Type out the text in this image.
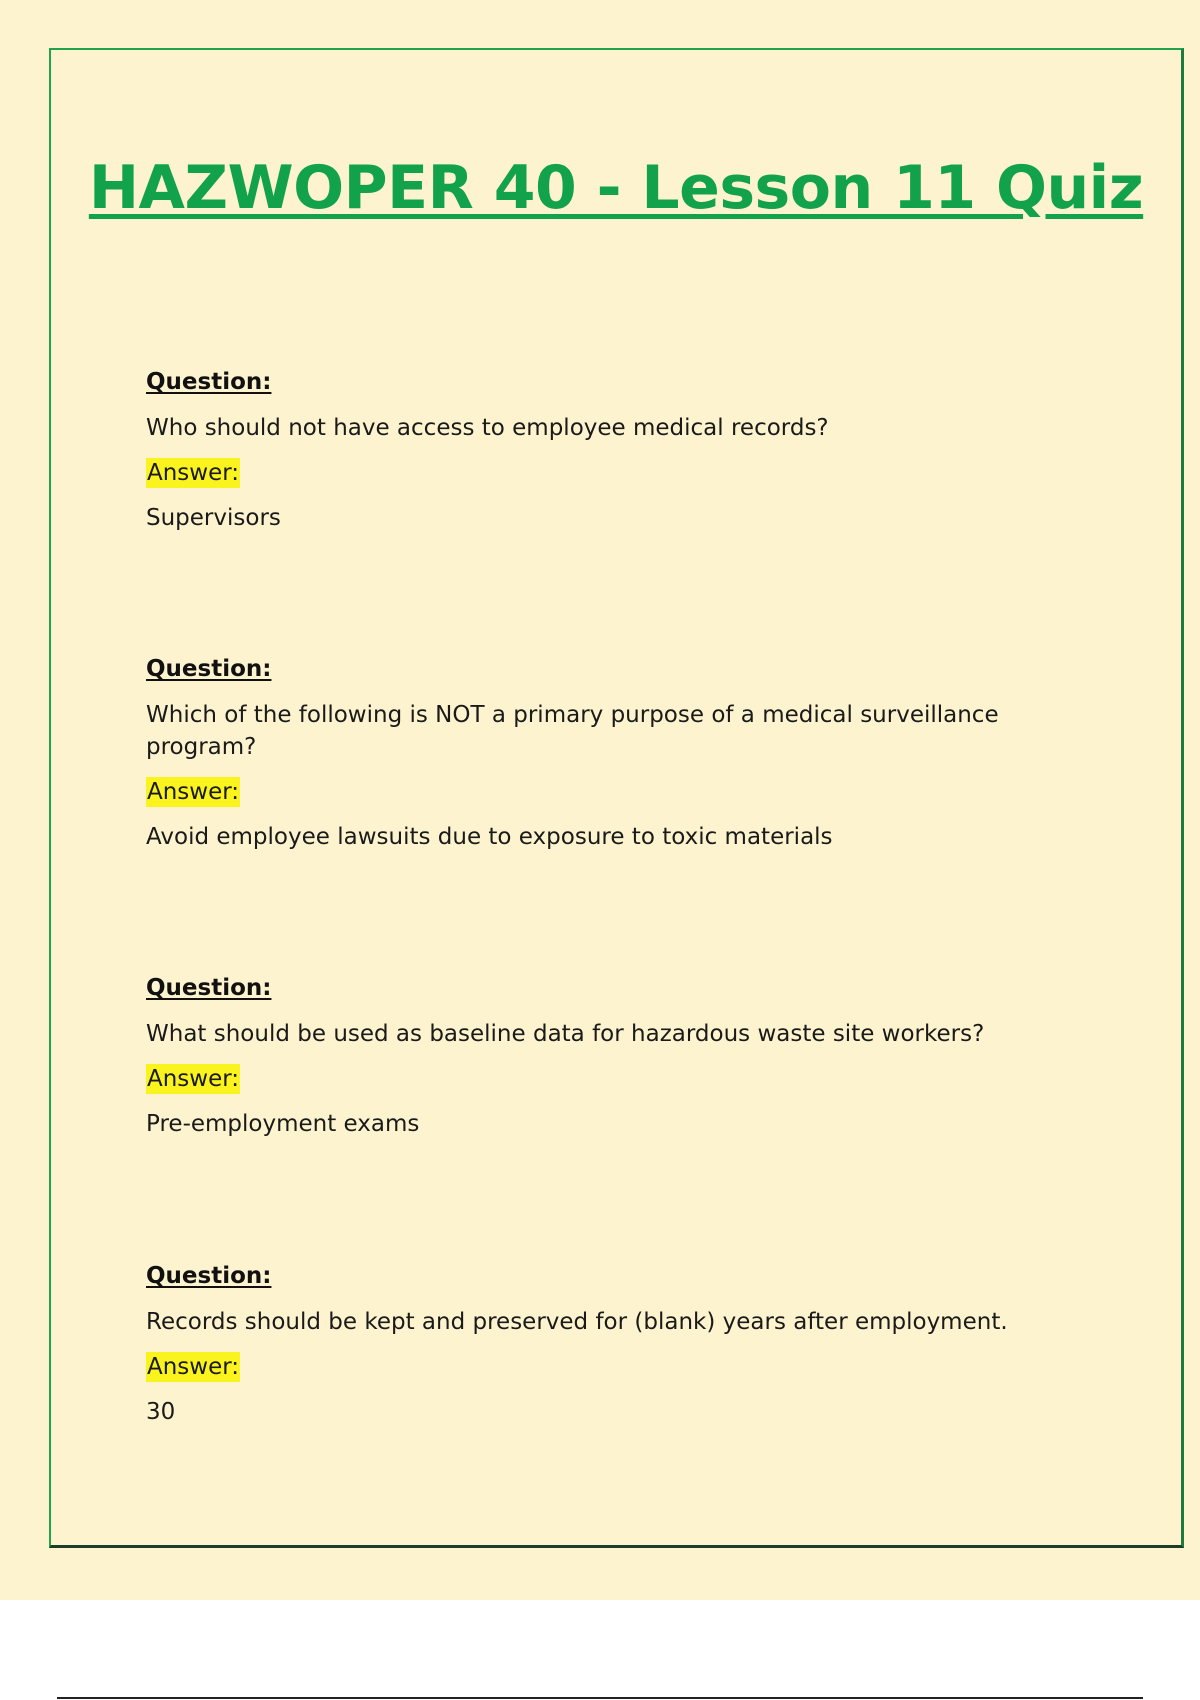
HAZWOPER 40 - Lesson 11 Quiz

Question:

Who should not have access to employee medical records?

Answer:

Supervisors

Question:

Which of the following is NOT a primary purpose of a medical surveillance program?

Answer:

Avoid employee lawsuits due to exposure to toxic materials

Question:

What should be used as baseline data for hazardous waste site workers?

Answer:

Pre-employment exams

Question:

Records should be kept and preserved for (blank) years after employment.

Answer:

30
